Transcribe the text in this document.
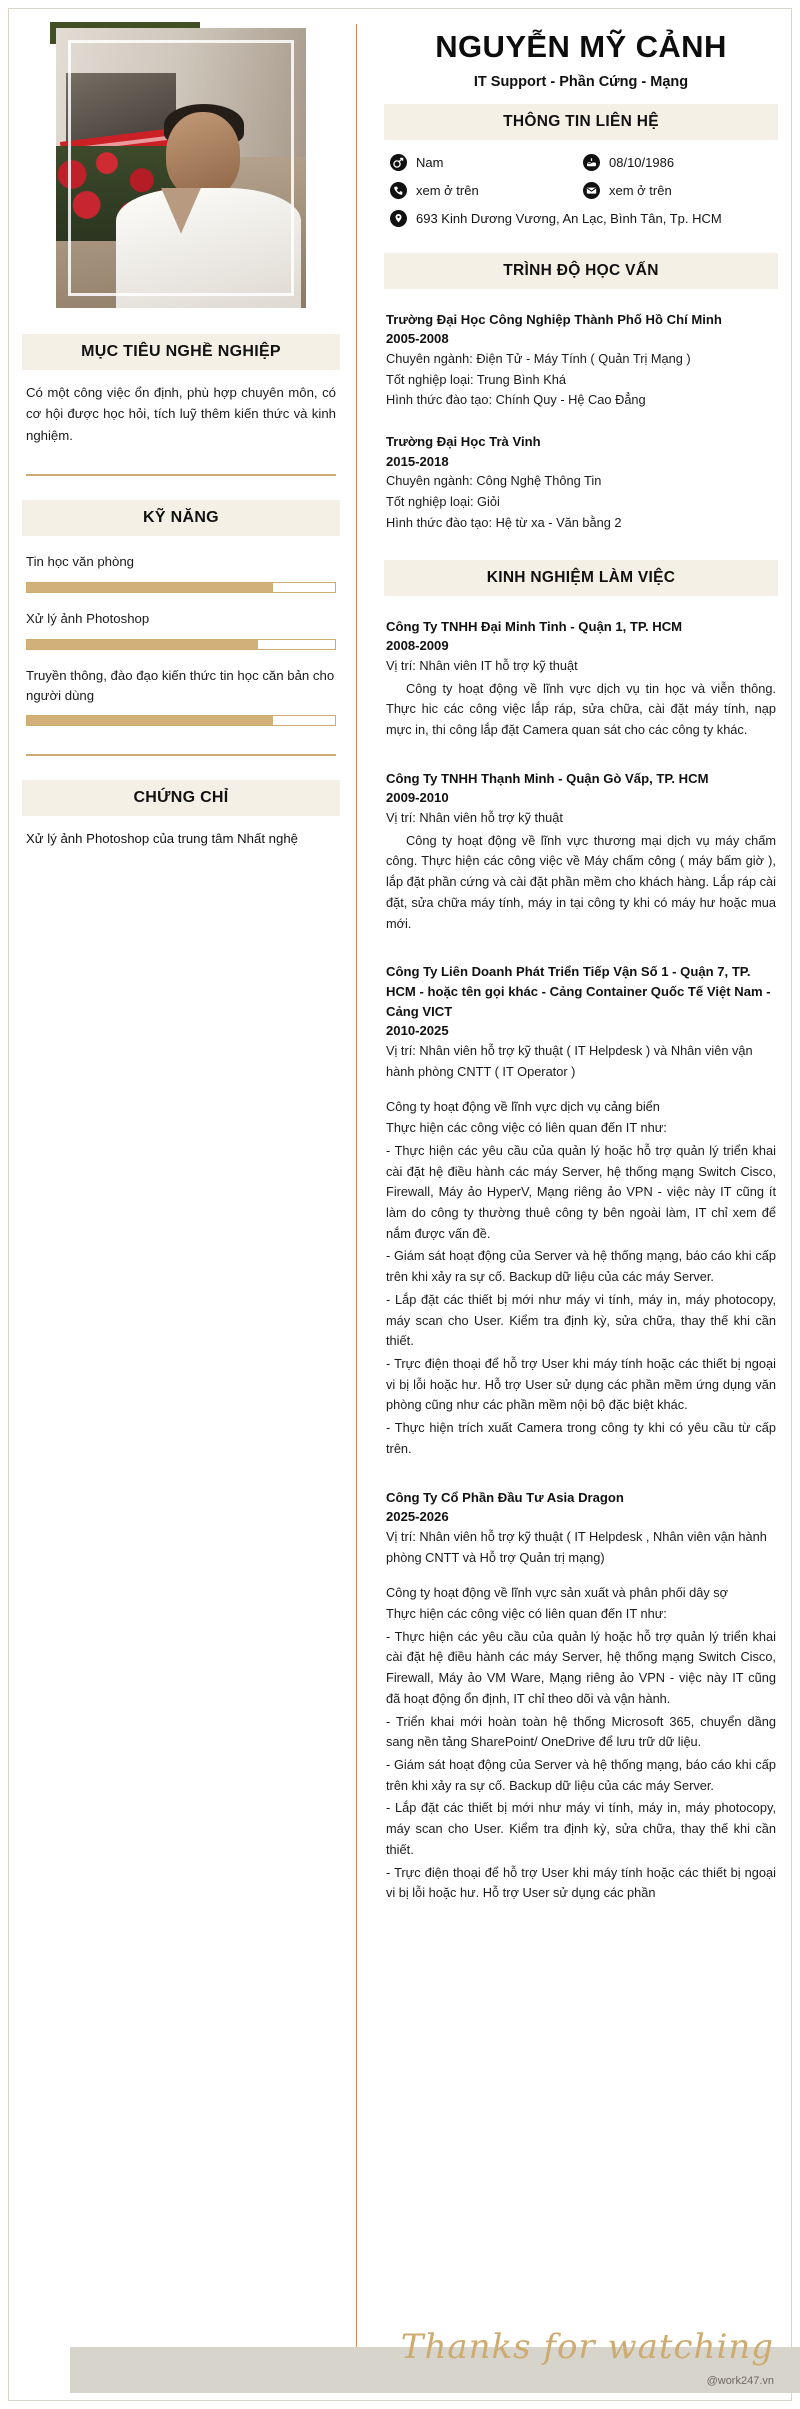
MỤC TIÊU NGHỀ NGHIỆP
Có một công việc ổn định, phù hợp chuyên môn, có cơ hội được học hỏi, tích luỹ thêm kiến thức và kinh nghiệm.
KỸ NĂNG
Tin học văn phòng
Xử lý ảnh Photoshop
Truyền thông, đào đạo kiến thức tin học căn bản cho người dùng
CHỨNG CHỈ
Xử lý ảnh Photoshop của trung tâm Nhất nghệ
NGUYỄN MỸ CẢNH
IT Support - Phần Cứng - Mạng
THÔNG TIN LIÊN HỆ
Nam	08/10/1986
xem ở trên	xem ở trên
693 Kinh Dương Vương, An Lạc, Bình Tân, Tp. HCM
TRÌNH ĐỘ HỌC VẤN
Trường Đại Học Công Nghiệp Thành Phố Hồ Chí Minh
2005-2008
Chuyên ngành: Điện Tử - Máy Tính ( Quản Trị Mạng )
Tốt nghiệp loại: Trung Bình Khá
Hình thức đào tạo: Chính Quy - Hệ Cao Đẳng
Trường Đại Học Trà Vinh
2015-2018
Chuyên ngành: Công Nghệ Thông Tin
Tốt nghiệp loại: Giỏi
Hình thức đào tạo: Hệ từ xa - Văn bằng 2
KINH NGHIỆM LÀM VIỆC
Công Ty TNHH Đại Minh Tinh - Quận 1, TP. HCM
2008-2009
Vị trí: Nhân viên IT hỗ trợ kỹ thuật
Công ty hoạt động về lĩnh vực dịch vụ tin học và viễn thông. Thực hic các công việc lắp ráp, sửa chữa, cài đặt máy tính, nạp mực in, thi công lắp đặt Camera quan sát cho các công ty khác.
Công Ty TNHH Thạnh Minh - Quận Gò Vấp, TP. HCM
2009-2010
Vị trí: Nhân viên hỗ trợ kỹ thuật
Công ty hoạt động về lĩnh vực thương mại dịch vụ máy chấm công. Thực hiện các công việc về Máy chấm công ( máy bấm giờ ), lắp đặt phần cứng và cài đặt phần mềm cho khách hàng. Lắp ráp cài đặt, sửa chữa máy tính, máy in tại công ty khi có máy hư hoặc mua mới.
Công Ty Liên Doanh Phát Triển Tiếp Vận Số 1 - Quận 7, TP. HCM - hoặc tên gọi khác - Cảng Container Quốc Tế Việt Nam - Cảng VICT
2010-2025
Vị trí: Nhân viên hỗ trợ kỹ thuật ( IT Helpdesk ) và Nhân viên vận hành phòng CNTT ( IT Operator )
Công ty hoạt động về lĩnh vực dịch vụ cảng biển
Thực hiện các công việc có liên quan đến IT như:
- Thực hiện các yêu cầu của quản lý hoặc hỗ trợ quản lý triển khai cài đặt hệ điều hành các máy Server, hệ thống mạng Switch Cisco, Firewall, Máy ảo HyperV, Mạng riêng ảo VPN - việc này IT cũng ít làm do công ty thường thuê công ty bên ngoài làm, IT chỉ xem để nắm được vấn đề.
- Giám sát hoạt động của Server và hệ thống mạng, báo cáo khi cấp trên khi xảy ra sự cố. Backup dữ liệu của các máy Server.
- Lắp đặt các thiết bị mới như máy vi tính, máy in, máy photocopy, máy scan cho User. Kiểm tra định kỳ, sửa chữa, thay thế khi cần thiết.
- Trực điện thoại để hỗ trợ User khi máy tính hoặc các thiết bị ngoại vi bị lỗi hoặc hư. Hỗ trợ User sử dụng các phần mềm ứng dụng văn phòng cũng như các phần mềm nội bộ đặc biệt khác.
- Thực hiện trích xuất Camera trong công ty khi có yêu cầu từ cấp trên.
Công Ty Cổ Phần Đầu Tư Asia Dragon
2025-2026
Vị trí: Nhân viên hỗ trợ kỹ thuật ( IT Helpdesk , Nhân viên vận hành phòng CNTT và Hỗ trợ Quản trị mạng)
Công ty hoạt động về lĩnh vực sản xuất và phân phối dây sợ
Thực hiện các công việc có liên quan đến IT như:
- Thực hiện các yêu cầu của quản lý hoặc hỗ trợ quản lý triển khai cài đặt hệ điều hành các máy Server, hệ thống mạng Switch Cisco, Firewall, Máy ảo VM Ware, Mạng riêng ảo VPN - việc này IT cũng đã hoạt động ổn định, IT chỉ theo dõi và vận hành.
- Triển khai mới hoàn toàn hệ thống Microsoft 365, chuyển dầng sang nền tảng SharePoint/ OneDrive để lưu trữ dữ liệu.
- Giám sát hoạt động của Server và hệ thống mạng, báo cáo khi cấp trên khi xảy ra sự cố. Backup dữ liệu của các máy Server.
- Lắp đặt các thiết bị mới như máy vi tính, máy in, máy photocopy, máy scan cho User. Kiểm tra định kỳ, sửa chữa, thay thế khi cần thiết.
- Trực điện thoại để hỗ trợ User khi máy tính hoặc các thiết bị ngoại vi bị lỗi hoặc hư. Hỗ trợ User sử dụng các phần
Thanks for watching
@work247.vn
